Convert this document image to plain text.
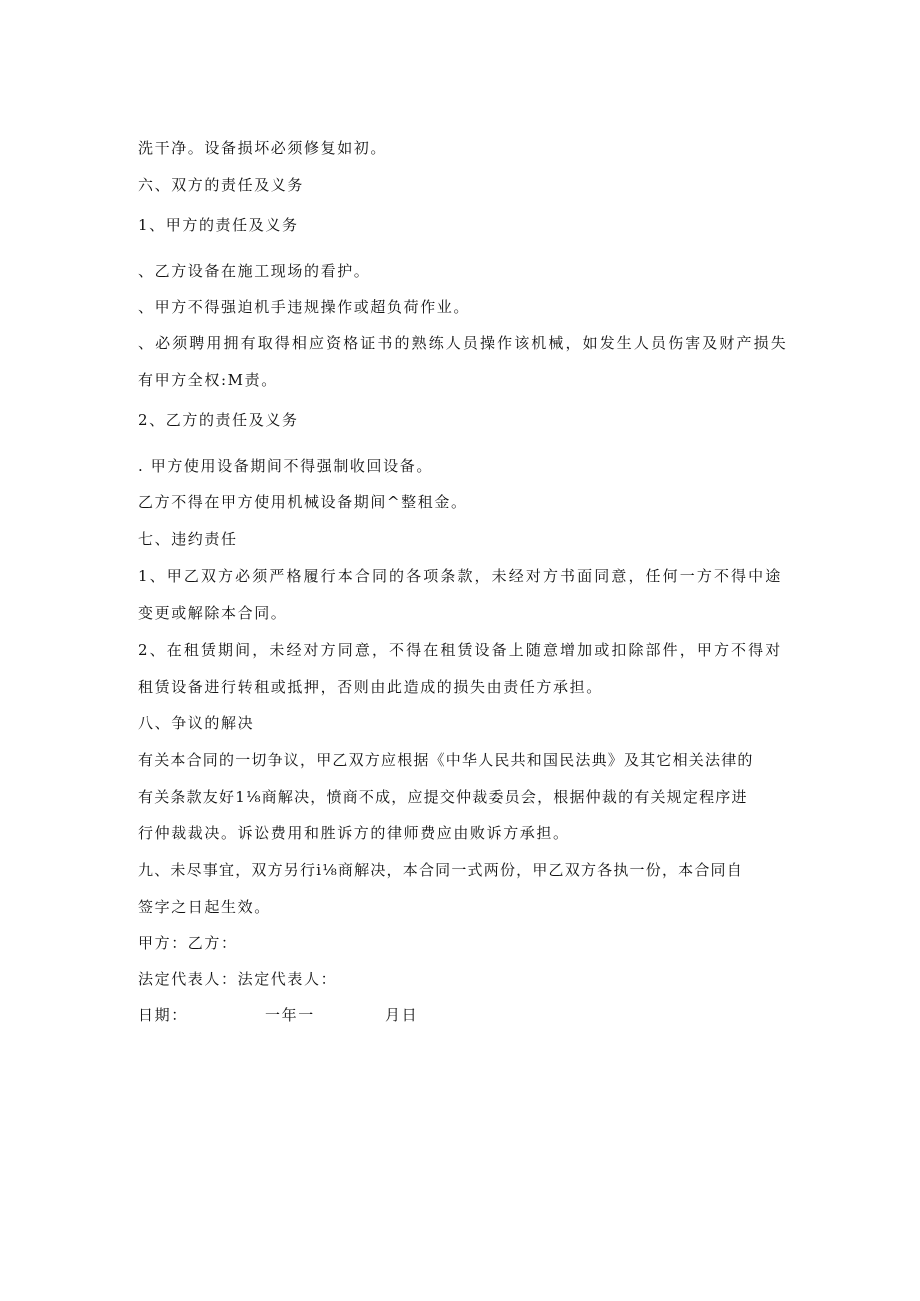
洗干净。设备损坏必须修复如初。

六、双方的责任及义务

1、甲方的责任及义务

、乙方设备在施工现场的看护。

、甲方不得强迫机手违规操作或超负荷作业。

、必须聘用拥有取得相应资格证书的熟练人员操作该机械，如发生人员伤害及财产损失

有甲方全权:M责。

2、乙方的责任及义务

. 甲方使用设备期间不得强制收回设备。

乙方不得在甲方使用机械设备期间^整租金。

七、违约责任

1、甲乙双方必须严格履行本合同的各项条款，未经对方书面同意，任何一方不得中途

变更或解除本合同。

2、在租赁期间，未经对方同意，不得在租赁设备上随意增加或扣除部件，甲方不得对

租赁设备进行转租或抵押，否则由此造成的损失由责任方承担。

八、争议的解决

有关本合同的一切争议，甲乙双方应根据《中华人民共和国民法典》及其它相关法律的

有关条款友好1⅛商解决，愤商不成，应提交仲裁委员会，根据仲裁的有关规定程序进

行仲裁裁决。诉讼费用和胜诉方的律师费应由败诉方承担。

九、未尽事宜，双方另行i⅛商解决，本合同一式两份，甲乙双方各执一份，本合同自

签字之日起生效。

甲方：乙方：

法定代表人：法定代表人：

日期：	一年一	月日
